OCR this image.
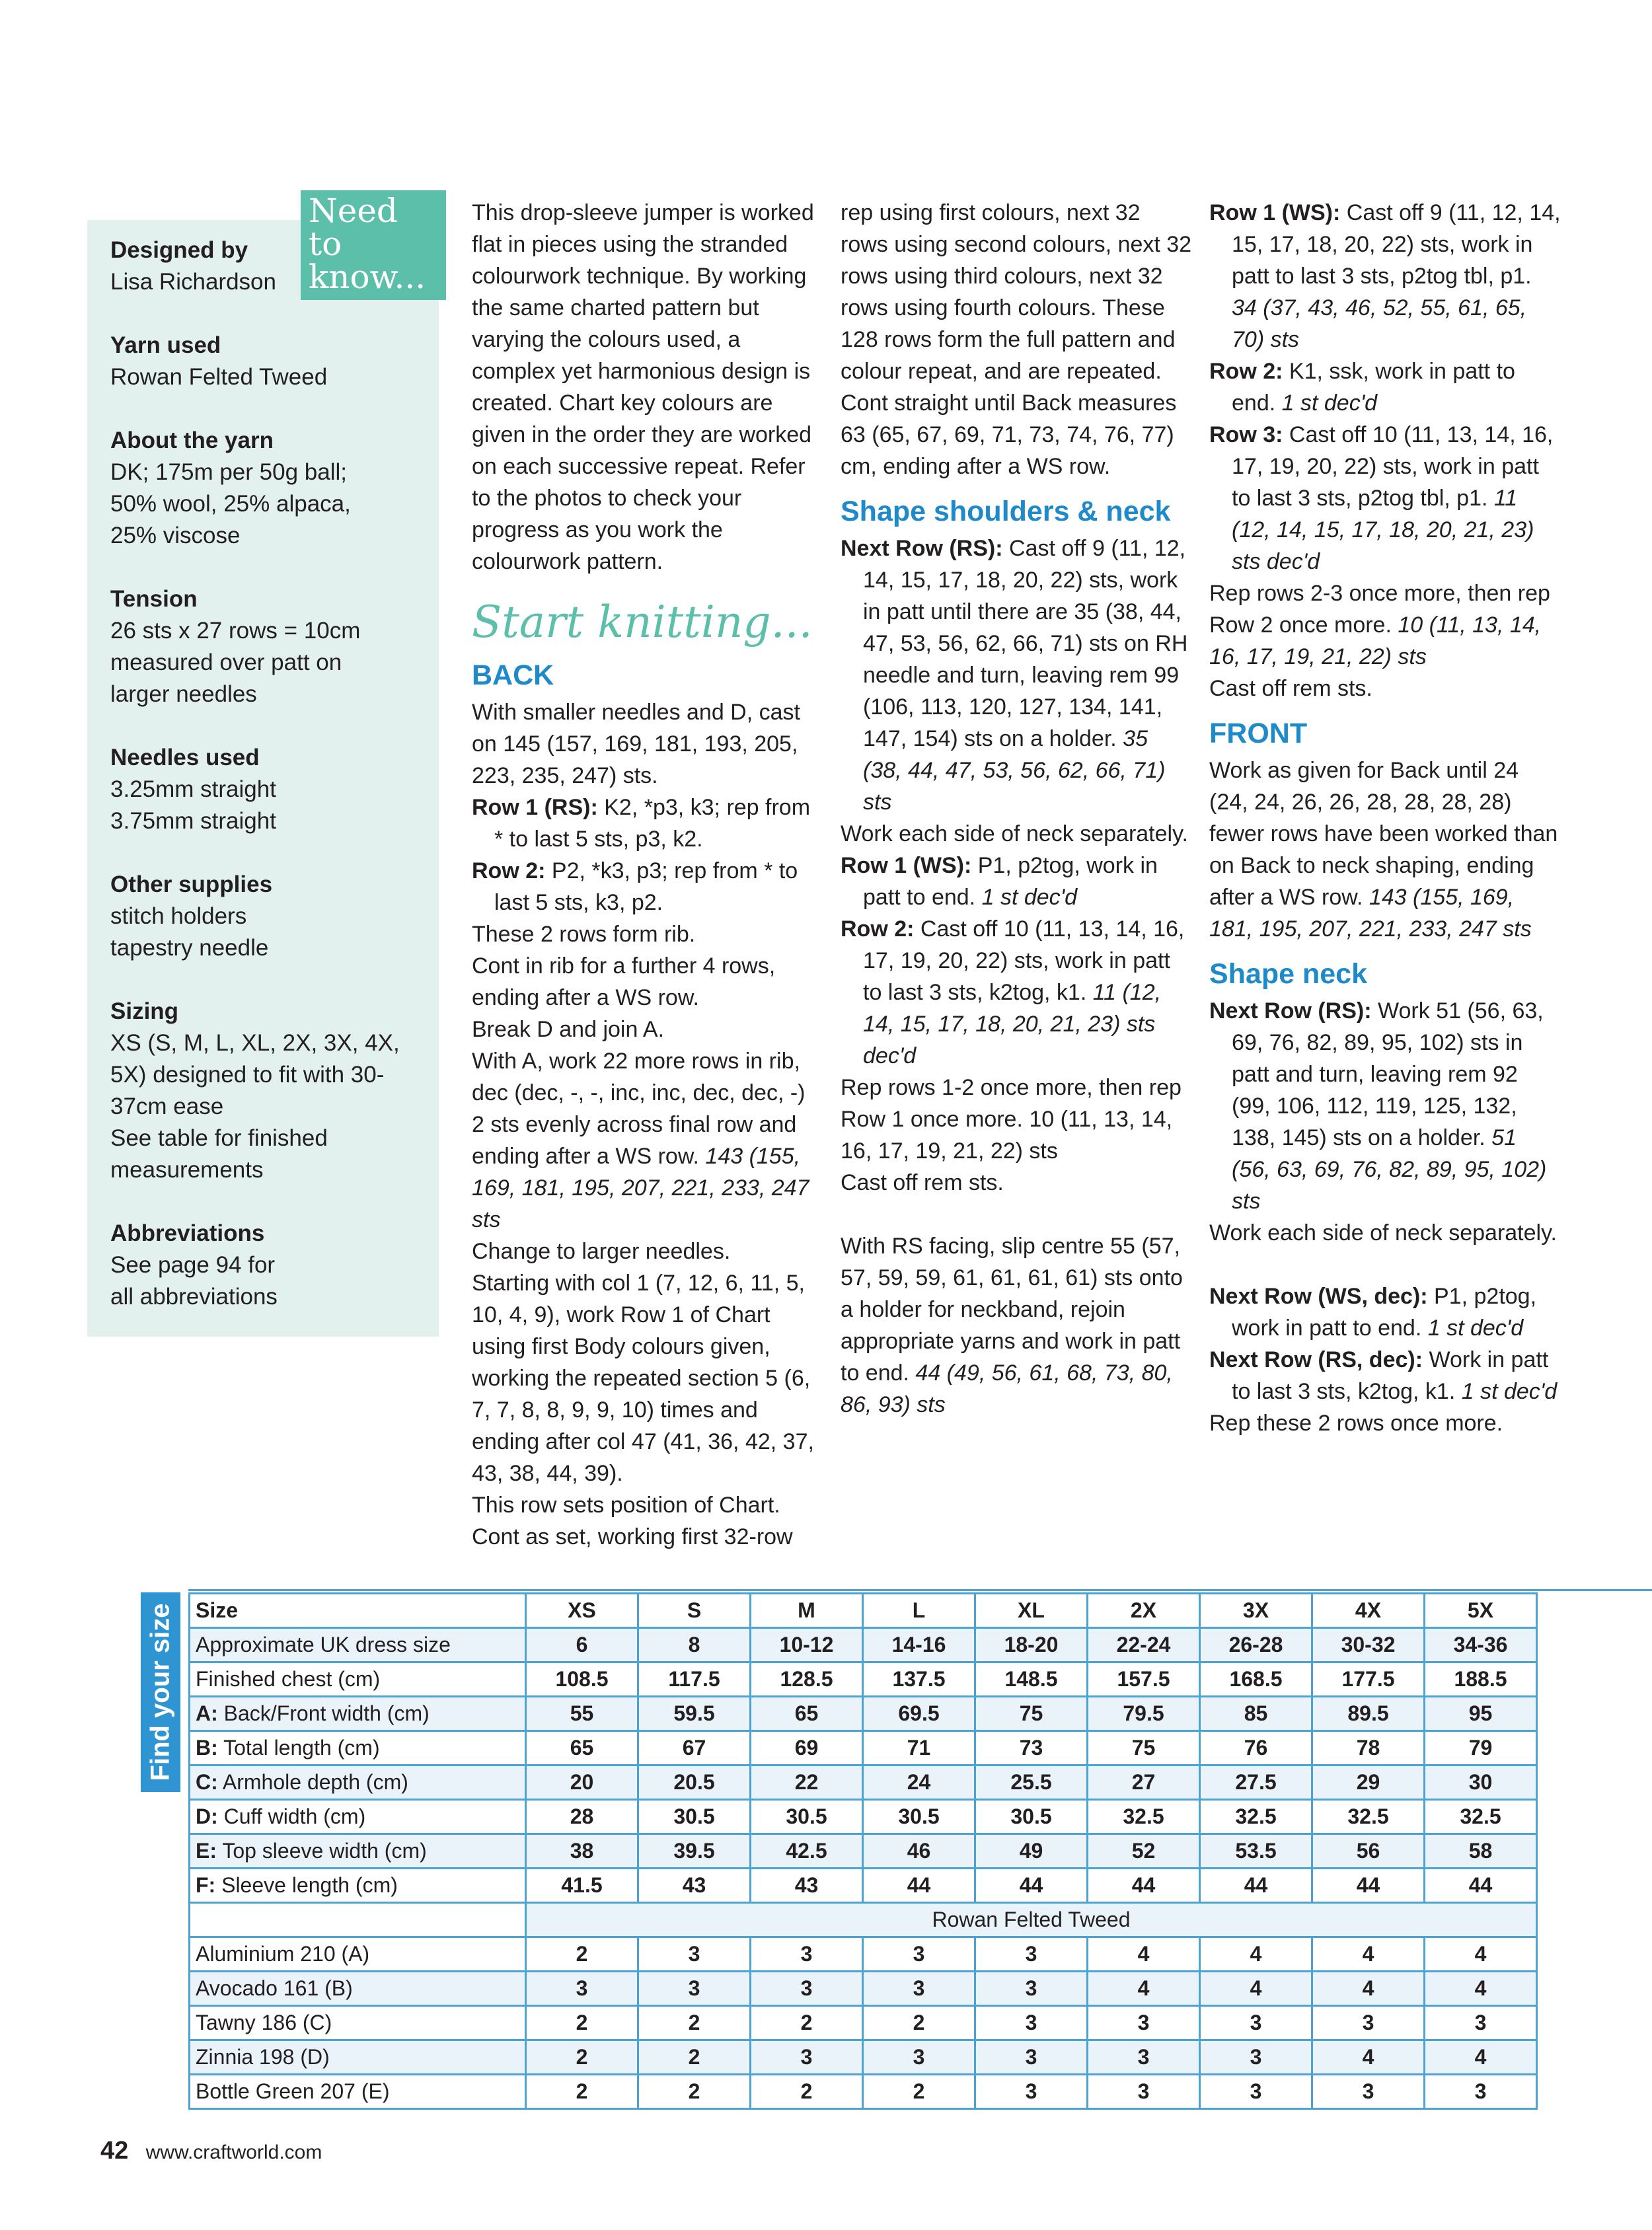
Need to know...
Designed by
Lisa Richardson
Yarn used
Rowan Felted Tweed
About the yarn
DK; 175m per 50g ball;
50% wool, 25% alpaca,
25% viscose
Tension
26 sts x 27 rows = 10cm
measured over patt on
larger needles
Needles used
3.25mm straight
3.75mm straight
Other supplies
stitch holders
tapestry needle
Sizing
XS (S, M, L, XL, 2X, 3X, 4X,
5X) designed to fit with 30-
37cm ease
See table for finished
measurements
Abbreviations
See page 94 for
all abbreviations

This drop-sleeve jumper is worked flat in pieces using the stranded colourwork technique. By working the same charted pattern but varying the colours used, a complex yet harmonious design is created. Chart key colours are given in the order they are worked on each successive repeat. Refer to the photos to check your progress as you work the colourwork pattern.

Start knitting...
BACK

With smaller needles and D, cast on 145 (157, 169, 181, 193, 205, 223, 235, 247) sts.

Row 1 (RS): K2, *p3, k3; rep from * to last 5 sts, p3, k2.

Row 2: P2, *k3, p3; rep from * to last 5 sts, k3, p2.

These 2 rows form rib.

Cont in rib for a further 4 rows, ending after a WS row.

Break D and join A.

With A, work 22 more rows in rib, dec (dec, -, -, inc, inc, dec, dec, -) 2 sts evenly across final row and ending after a WS row. 143 (155, 169, 181, 195, 207, 221, 233, 247 sts

Change to larger needles.

Starting with col 1 (7, 12, 6, 11, 5, 10, 4, 9), work Row 1 of Chart using first Body colours given, working the repeated section 5 (6, 7, 7, 8, 8, 9, 9, 10) times and ending after col 47 (41, 36, 42, 37, 43, 38, 44, 39).

This row sets position of Chart.

Cont as set, working first 32-row

rep using first colours, next 32 rows using second colours, next 32 rows using third colours, next 32 rows using fourth colours. These 128 rows form the full pattern and colour repeat, and are repeated.

Cont straight until Back measures 63 (65, 67, 69, 71, 73, 74, 76, 77) cm, ending after a WS row.

Shape shoulders & neck

Next Row (RS): Cast off 9 (11, 12, 14, 15, 17, 18, 20, 22) sts, work in patt until there are 35 (38, 44, 47, 53, 56, 62, 66, 71) sts on RH needle and turn, leaving rem 99 (106, 113, 120, 127, 134, 141, 147, 154) sts on a holder. 35 (38, 44, 47, 53, 56, 62, 66, 71) sts

Work each side of neck separately.

Row 1 (WS): P1, p2tog, work in patt to end. 1 st dec'd

Row 2: Cast off 10 (11, 13, 14, 16, 17, 19, 20, 22) sts, work in patt to last 3 sts, k2tog, k1. 11 (12, 14, 15, 17, 18, 20, 21, 23) sts dec'd

Rep rows 1-2 once more, then rep Row 1 once more. 10 (11, 13, 14, 16, 17, 19, 21, 22) sts

Cast off rem sts.

With RS facing, slip centre 55 (57, 57, 59, 59, 61, 61, 61, 61) sts onto a holder for neckband, rejoin appropriate yarns and work in patt to end. 44 (49, 56, 61, 68, 73, 80, 86, 93) sts

Row 1 (WS): Cast off 9 (11, 12, 14, 15, 17, 18, 20, 22) sts, work in patt to last 3 sts, p2tog tbl, p1. 34 (37, 43, 46, 52, 55, 61, 65, 70) sts

Row 2: K1, ssk, work in patt to end. 1 st dec'd

Row 3: Cast off 10 (11, 13, 14, 16, 17, 19, 20, 22) sts, work in patt to last 3 sts, p2tog tbl, p1. 11 (12, 14, 15, 17, 18, 20, 21, 23) sts dec'd

Rep rows 2-3 once more, then rep Row 2 once more. 10 (11, 13, 14, 16, 17, 19, 21, 22) sts

Cast off rem sts.

FRONT

Work as given for Back until 24 (24, 24, 26, 26, 28, 28, 28, 28) fewer rows have been worked than on Back to neck shaping, ending after a WS row. 143 (155, 169, 181, 195, 207, 221, 233, 247 sts

Shape neck

Next Row (RS): Work 51 (56, 63, 69, 76, 82, 89, 95, 102) sts in patt and turn, leaving rem 92 (99, 106, 112, 119, 125, 132, 138, 145) sts on a holder. 51 (56, 63, 69, 76, 82, 89, 95, 102) sts

Work each side of neck separately.

Next Row (WS, dec): P1, p2tog, work in patt to end. 1 st dec'd

Next Row (RS, dec): Work in patt to last 3 sts, k2tog, k1. 1 st dec'd

Rep these 2 rows once more.

Find your size Size	XS	S	M	L	XL	2X	3X	4X	5X
Approximate UK dress size	6	8	10-12	14-16	18-20	22-24	26-28	30-32	34-36
Finished chest (cm)	108.5	117.5	128.5	137.5	148.5	157.5	168.5	177.5	188.5
A: Back/Front width (cm)	55	59.5	65	69.5	75	79.5	85	89.5	95
B: Total length (cm)	65	67	69	71	73	75	76	78	79
C: Armhole depth (cm)	20	20.5	22	24	25.5	27	27.5	29	30
D: Cuff width (cm)	28	30.5	30.5	30.5	30.5	32.5	32.5	32.5	32.5
E: Top sleeve width (cm)	38	39.5	42.5	46	49	52	53.5	56	58
F: Sleeve length (cm)	41.5	43	43	44	44	44	44	44	44
	Rowan Felted Tweed								
Aluminium 210 (A)	2	3	3	3	3	4	4	4	4
Avocado 161 (B)	3	3	3	3	3	4	4	4	4
Tawny 186 (C)	2	2	2	2	3	3	3	3	3
Zinnia 198 (D)	2	2	3	3	3	3	3	4	4
Bottle Green 207 (E)	2	2	2	2	3	3	3	3	3
42 www.craftworld.com
